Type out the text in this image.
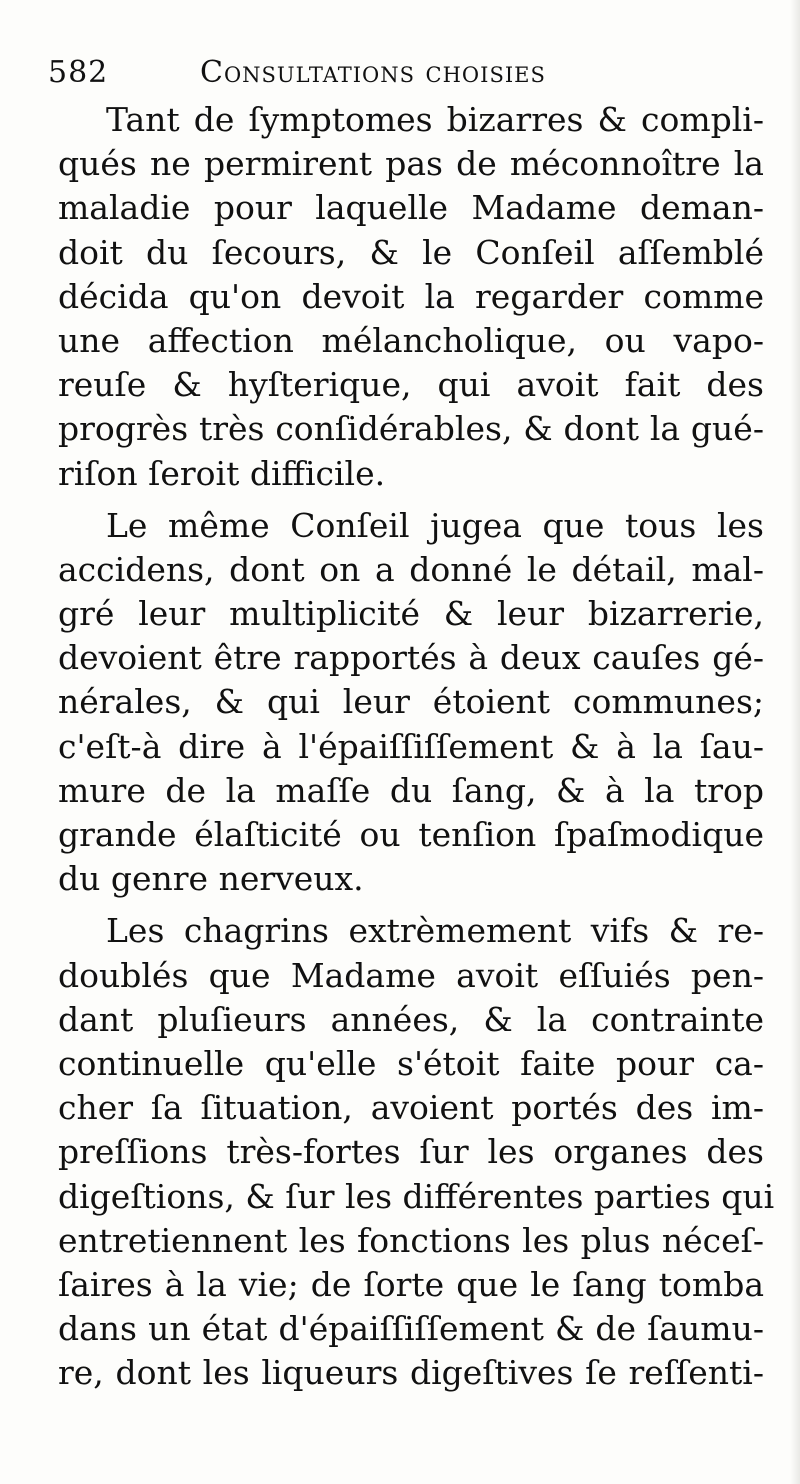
582	Consultations choisies
Tant de ſymptomes bizarres & compli-
qués ne permirent pas de méconnoître la
maladie pour laquelle Madame deman-
doit du ſecours, & le Conſeil aſſemblé
décida qu'on devoit la regarder comme
une affection mélancholique, ou vapo-
reuſe & hyſterique, qui avoit fait des
progrès très conſidérables, & dont la gué-
riſon ſeroit difficile.
Le même Conſeil jugea que tous les
accidens, dont on a donné le détail, mal-
gré leur multiplicité & leur bizarrerie,
devoient être rapportés à deux cauſes gé-
nérales, & qui leur étoient communes;
c'eſt-à dire à l'épaiſſiſſement & à la ſau-
mure de la maſſe du ſang, & à la trop
grande élaſticité ou tenſion ſpaſmodique
du genre nerveux.
Les chagrins extrèmement vifs & re-
doublés que Madame avoit eſſuiés pen-
dant pluſieurs années, & la contrainte
continuelle qu'elle s'étoit faite pour ca-
cher ſa ſituation, avoient portés des im-
preſſions très-fortes ſur les organes des
digeſtions, & ſur les différentes parties qui
entretiennent les fonctions les plus néceſ-
ſaires à la vie; de ſorte que le ſang tomba
dans un état d'épaiſſiſſement & de ſaumu-
re, dont les liqueurs digeſtives ſe reſſenti-
